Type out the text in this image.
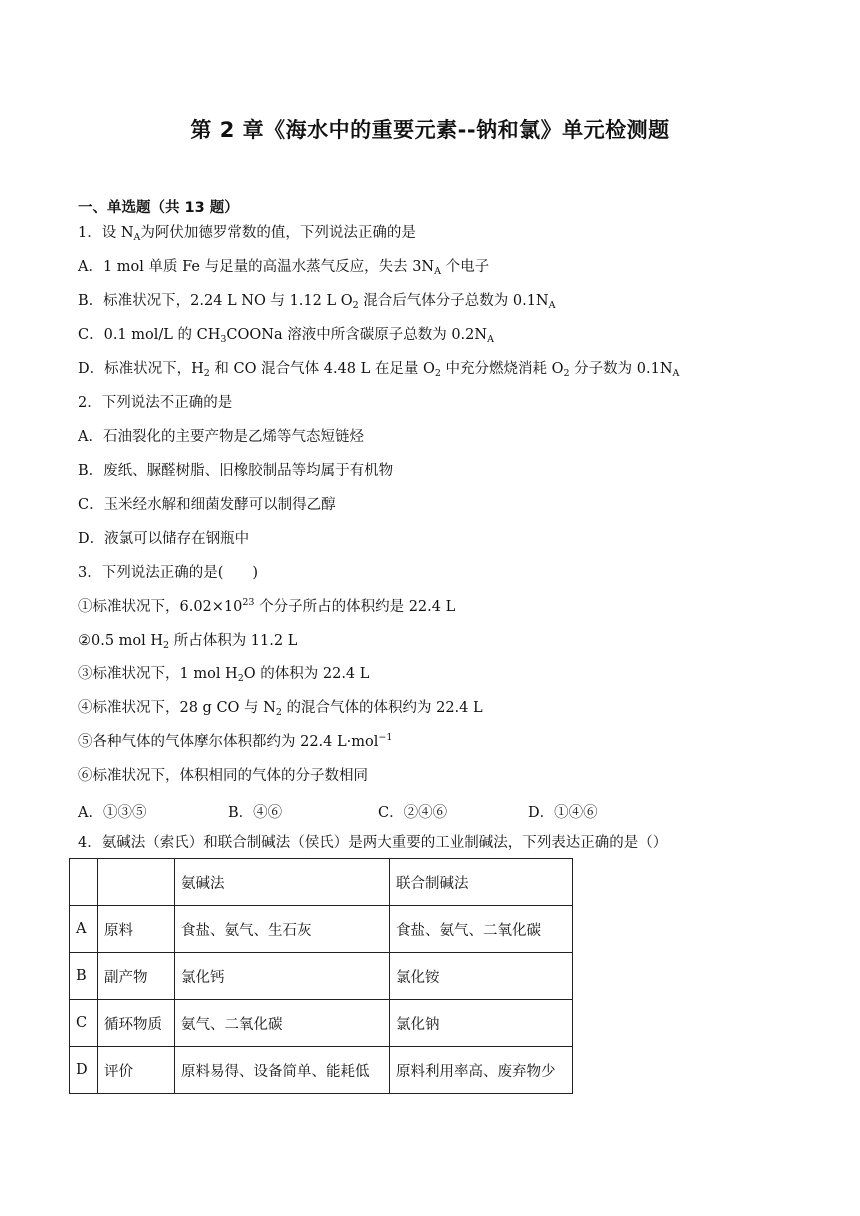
第 2 章《海水中的重要元素--钠和氯》单元检测题
一、单选题（共 13 题）
1．设 $N_A$为阿伏加德罗常数的值，下列说法正确的是
A．1 mol 单质 Fe 与足量的高温水蒸气反应，失去 $3N_A$ 个电子
B．标准状况下，2.24 L NO 与 1.12 L $O_2$ 混合后气体分子总数为 $0.1N_A$
C．0.1 mol/L 的 $CH_3COONa$ 溶液中所含碳原子总数为 $0.2N_A$
D．标准状况下，$H_2$ 和 CO 混合气体 4.48 L 在足量 $O_2$ 中充分燃烧消耗 $O_2$ 分子数为 $0.1N_A$
2．下列说法不正确的是
A．石油裂化的主要产物是乙烯等气态短链烃
B．废纸、脲醛树脂、旧橡胶制品等均属于有机物
C．玉米经水解和细菌发酵可以制得乙醇
D．液氯可以储存在钢瓶中
3．下列说法正确的是(　　)
①标准状况下，$6.02\times 10^{23}$ 个分子所占的体积约是 22.4 L
②0.5 mol $H_2$ 所占体积为 11.2 L
③标准状况下，1 mol $H_2O$ 的体积为 22.4 L
④标准状况下，28 g CO 与 $N_2$ 的混合气体的体积约为 22.4 L
⑤各种气体的气体摩尔体积都约为 22.4 L·mol$^{-1}$
⑥标准状况下，体积相同的气体的分子数相同
A．①③⑤	B．④⑥	C．②④⑥	D．①④⑥
4．氨碱法（索氏）和联合制碱法（侯氏）是两大重要的工业制碱法，下列表达正确的是（）
		氨碱法	联合制碱法
A	原料	食盐、氨气、生石灰	食盐、氨气、二氧化碳
B	副产物	氯化钙	氯化铵
C	循环物质	氨气、二氧化碳	氯化钠
D	评价	原料易得、设备简单、能耗低	原料利用率高、废弃物少
